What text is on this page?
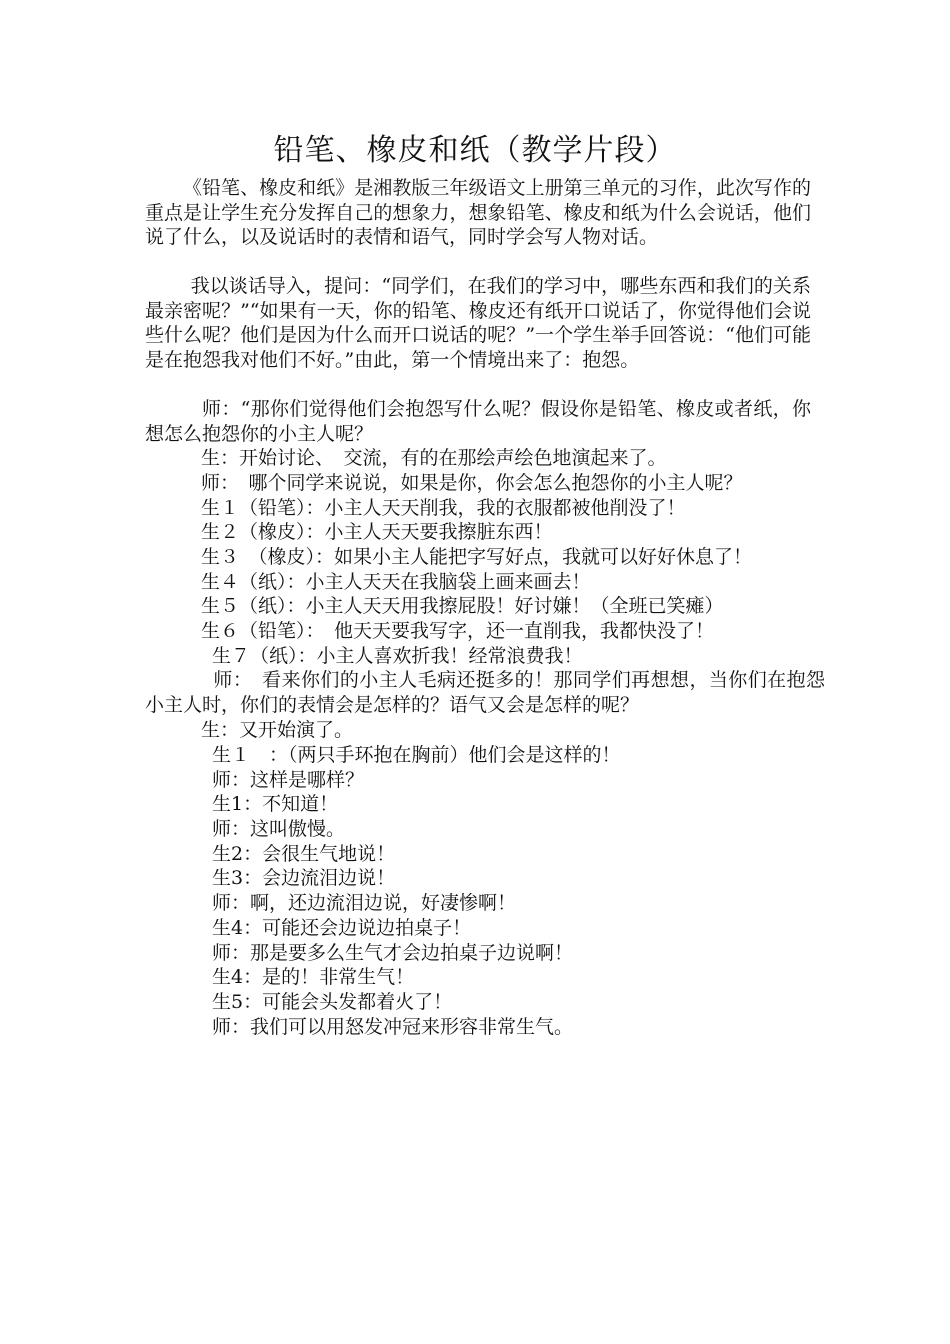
铅笔、橡皮和纸（教学片段）

《铅笔、橡皮和纸》是湘教版三年级语文上册第三单元的习作，此次写作的重点是让学生充分发挥自己的想象力，想象铅笔、橡皮和纸为什么会说话，他们说了什么，以及说话时的表情和语气，同时学会写人物对话。

我以谈话导入，提问：“同学们，在我们的学习中，哪些东西和我们的关系最亲密呢？”“如果有一天，你的铅笔、橡皮还有纸开口说话了，你觉得他们会说些什么呢？他们是因为什么而开口说话的呢？”一个学生举手回答说：“他们可能是在抱怨我对他们不好。”由此，第一个情境出来了：抱怨。

师：“那你们觉得他们会抱怨写什么呢？假设你是铅笔、橡皮或者纸，你想怎么抱怨你的小主人呢？

生：开始讨论、　交流，有的在那绘声绘色地演起来了。
师：　哪个同学来说说，如果是你，你会怎么抱怨你的小主人呢？
生１（铅笔）：小主人天天削我，我的衣服都被他削没了！
生２（橡皮）：小主人天天要我擦脏东西！
生３　（橡皮）：如果小主人能把字写好点，我就可以好好休息了！
生４（纸）：小主人天天在我脑袋上画来画去！
生５（纸）：小主人天天用我擦屁股！好讨嫌！（全班已笑瘫）
生６（铅笔）：　他天天要我写字，还一直削我，我都快没了！
生７（纸）：小主人喜欢折我！经常浪费我！

师：　看来你们的小主人毛病还挺多的！那同学们再想想，当你们在抱怨小主人时，你们的表情会是怎样的？语气又会是怎样的呢？

生：又开始演了。
生１　：（两只手环抱在胸前）他们会是这样的！
师：这样是哪样？
生1：不知道！
师：这叫傲慢。
生2：会很生气地说！
生3：会边流泪边说！
师：啊，还边流泪边说，好凄惨啊！
生4：可能还会边说边拍桌子！
师：那是要多么生气才会边拍桌子边说啊！
生4：是的！非常生气！
生5：可能会头发都着火了！
师：我们可以用怒发冲冠来形容非常生气。
